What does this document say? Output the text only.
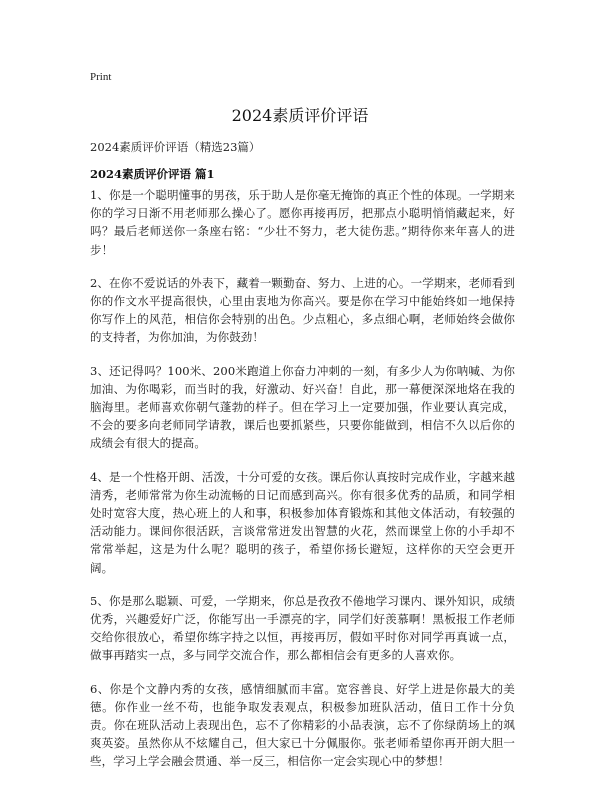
Print
2024素质评价评语

2024素质评价评语（精选23篇）

2024素质评价评语 篇1

1、你是一个聪明懂事的男孩，乐于助人是你毫无掩饰的真正个性的体现。一学期来你的学习日渐不用老师那么操心了。愿你再接再厉，把那点小聪明悄悄藏起来，好吗？最后老师送你一条座右铭：“少壮不努力，老大徒伤悲。”期待你来年喜人的进步！

2、在你不爱说话的外表下，藏着一颗勤奋、努力、上进的心。一学期来，老师看到你的作文水平提高很快，心里由衷地为你高兴。要是你在学习中能始终如一地保持你写作上的风范，相信你会特别的出色。少点粗心，多点细心啊，老师始终会做你的支持者，为你加油，为你鼓劲！

3、还记得吗？100米、200米跑道上你奋力冲刺的一刻，有多少人为你呐喊、为你加油、为你喝彩，而当时的我，好激动、好兴奋！自此，那一幕便深深地烙在我的脑海里。老师喜欢你朝气蓬勃的样子。但在学习上一定要加强，作业要认真完成，不会的要多向老师同学请教，课后也要抓紧些，只要你能做到，相信不久以后你的成绩会有很大的提高。

4、是一个性格开朗、活泼，十分可爱的女孩。课后你认真按时完成作业，字越来越清秀，老师常常为你生动流畅的日记而感到高兴。你有很多优秀的品质，和同学相处时宽容大度，热心班上的人和事，积极参加体育锻炼和其他文体活动，有较强的活动能力。课间你很活跃，言谈常常迸发出智慧的火花，然而课堂上你的小手却不常常举起，这是为什么呢？聪明的孩子，希望你扬长避短，这样你的天空会更开阔。

5、你是那么聪颖、可爱，一学期来，你总是孜孜不倦地学习课内、课外知识，成绩优秀，兴趣爱好广泛，你能写出一手漂亮的字，同学们好羡慕啊！黑板报工作老师交给你很放心，希望你练字持之以恒，再接再厉，假如平时你对同学再真诚一点，做事再踏实一点，多与同学交流合作，那么都相信会有更多的人喜欢你。

6、你是个文静内秀的女孩，感情细腻而丰富。宽容善良、好学上进是你最大的美德。你作业一丝不苟，也能争取发表观点，积极参加班队活动，值日工作十分负责。你在班队活动上表现出色，忘不了你精彩的小品表演，忘不了你绿荫场上的飒爽英姿。虽然你从不炫耀自己，但大家已十分佩服你。张老师希望你再开朗大胆一些，学习上学会融会贯通、举一反三，相信你一定会实现心中的梦想！
